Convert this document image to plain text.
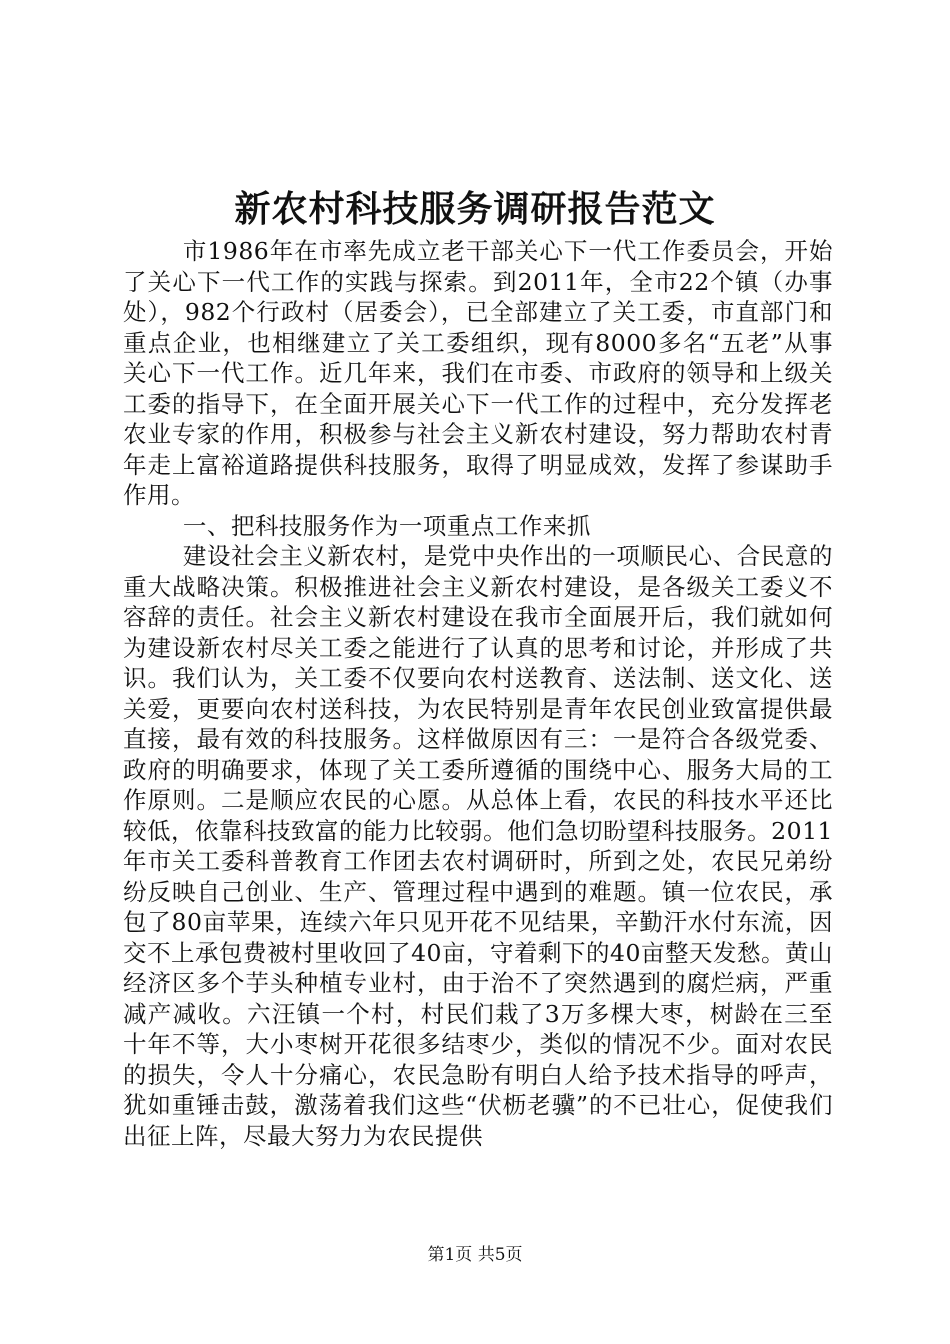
新农村科技服务调研报告范文

市1986年在市率先成立老干部关心下一代工作委员会，开始了关心下一代工作的实践与探索。到2011年，全市22个镇（办事处），982个行政村（居委会），已全部建立了关工委，市直部门和重点企业，也相继建立了关工委组织，现有8000多名“五老”从事关心下一代工作。近几年来，我们在市委、市政府的领导和上级关工委的指导下，在全面开展关心下一代工作的过程中，充分发挥老农业专家的作用，积极参与社会主义新农村建设，努力帮助农村青年走上富裕道路提供科技服务，取得了明显成效，发挥了参谋助手作用。

一、把科技服务作为一项重点工作来抓

建设社会主义新农村，是党中央作出的一项顺民心、合民意的重大战略决策。积极推进社会主义新农村建设，是各级关工委义不容辞的责任。社会主义新农村建设在我市全面展开后，我们就如何为建设新农村尽关工委之能进行了认真的思考和讨论，并形成了共识。我们认为，关工委不仅要向农村送教育、送法制、送文化、送关爱，更要向农村送科技，为农民特别是青年农民创业致富提供最直接，最有效的科技服务。这样做原因有三：一是符合各级党委、政府的明确要求，体现了关工委所遵循的围绕中心、服务大局的工作原则。二是顺应农民的心愿。从总体上看，农民的科技水平还比较低，依靠科技致富的能力比较弱。他们急切盼望科技服务。2011年市关工委科普教育工作团去农村调研时，所到之处，农民兄弟纷纷反映自己创业、生产、管理过程中遇到的难题。镇一位农民，承包了80亩苹果，连续六年只见开花不见结果，辛勤汗水付东流，因交不上承包费被村里收回了40亩，守着剩下的40亩整天发愁。黄山经济区多个芋头种植专业村，由于治不了突然遇到的腐烂病，严重减产减收。六汪镇一个村，村民们栽了3万多棵大枣，树龄在三至十年不等，大小枣树开花很多结枣少，类似的情况不少。面对农民的损失，令人十分痛心，农民急盼有明白人给予技术指导的呼声，犹如重锤击鼓，激荡着我们这些“伏枥老骥”的不已壮心，促使我们出征上阵，尽最大努力为农民提供

第1页 共5页
